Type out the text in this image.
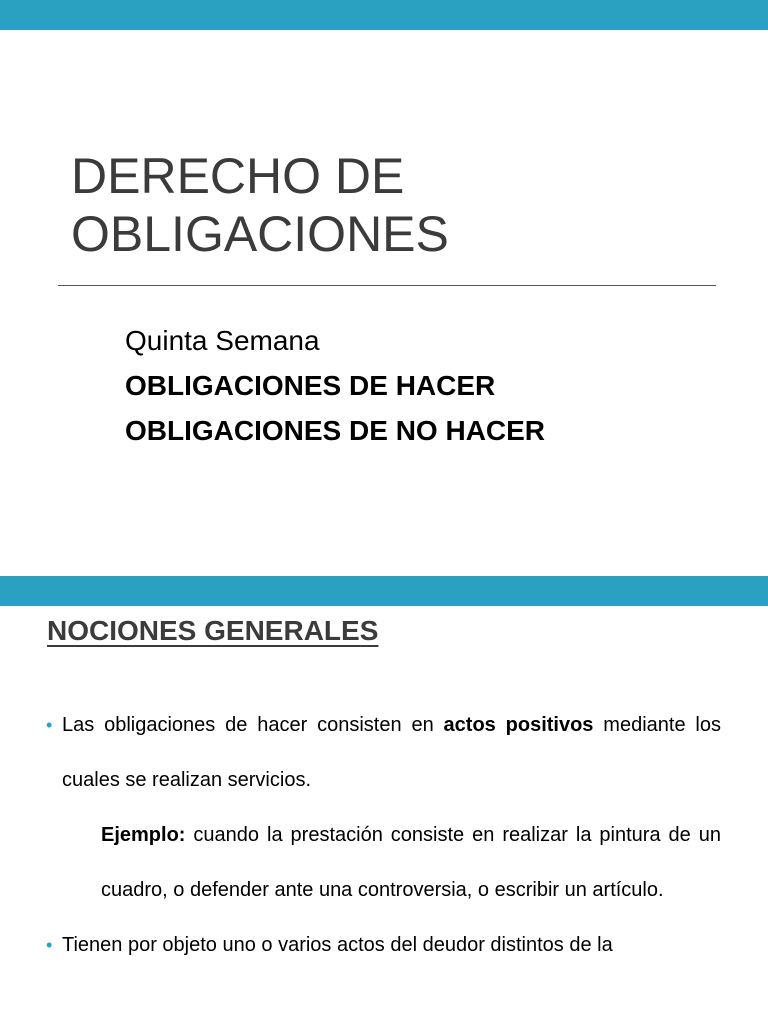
DERECHO DE
OBLIGACIONES
Quinta Semana
OBLIGACIONES DE HACER
OBLIGACIONES DE NO HACER
NOCIONES GENERALES
• Las obligaciones de hacer consisten en actos positivos mediante los cuales se realizan servicios.
Ejemplo: cuando la prestación consiste en realizar la pintura de un cuadro, o defender ante una controversia, o escribir un artículo.
• Tienen por objeto uno o varios actos del deudor distintos de la
